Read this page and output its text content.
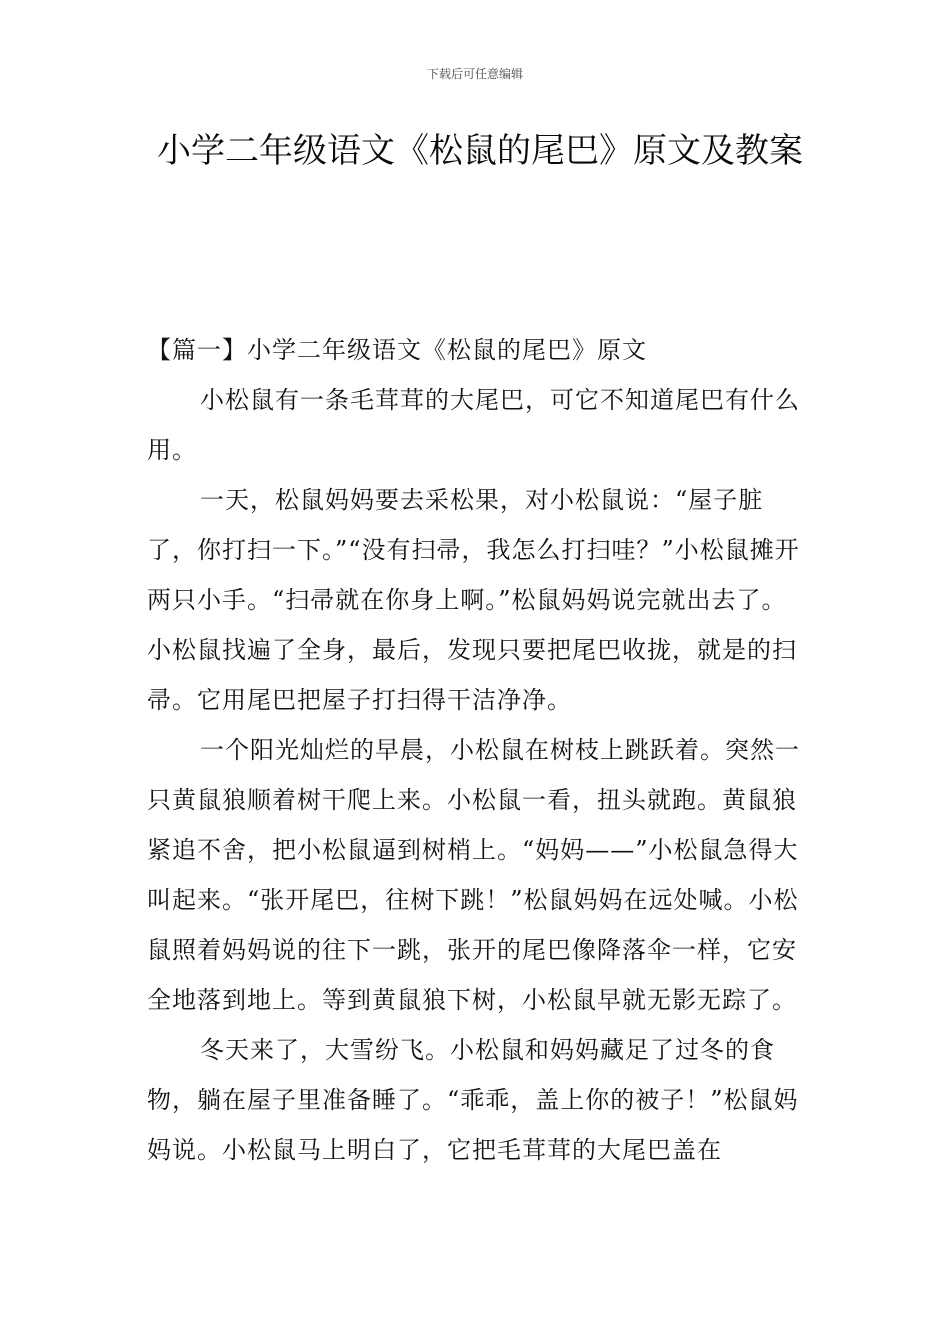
下载后可任意编辑
小学二年级语文《松鼠的尾巴》原文及教案

【篇一】小学二年级语文《松鼠的尾巴》原文

小松鼠有一条毛茸茸的大尾巴，可它不知道尾巴有什么用。

一天，松鼠妈妈要去采松果，对小松鼠说：“屋子脏了，你打扫一下。”“没有扫帚，我怎么打扫哇？”小松鼠摊开两只小手。“扫帚就在你身上啊。”松鼠妈妈说完就出去了。小松鼠找遍了全身，最后，发现只要把尾巴收拢，就是的扫帚。它用尾巴把屋子打扫得干洁净净。

一个阳光灿烂的早晨，小松鼠在树枝上跳跃着。突然一只黄鼠狼顺着树干爬上来。小松鼠一看，扭头就跑。黄鼠狼紧追不舍，把小松鼠逼到树梢上。“妈妈——”小松鼠急得大叫起来。“张开尾巴，往树下跳！”松鼠妈妈在远处喊。小松鼠照着妈妈说的往下一跳，张开的尾巴像降落伞一样，它安全地落到地上。等到黄鼠狼下树，小松鼠早就无影无踪了。

冬天来了，大雪纷飞。小松鼠和妈妈藏足了过冬的食物，躺在屋子里准备睡了。“乖乖，盖上你的被子！”松鼠妈妈说。小松鼠马上明白了，它把毛茸茸的大尾巴盖在
